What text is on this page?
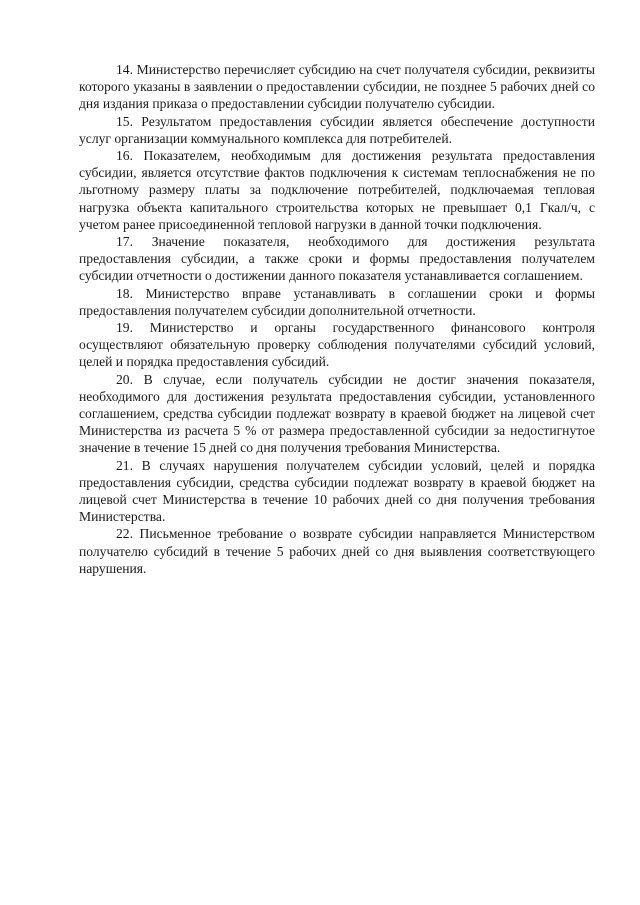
14. Министерство перечисляет субсидию на счет получателя субсидии, реквизиты которого указаны в заявлении о предоставлении субсидии, не позднее 5 рабочих дней со дня издания приказа о предоставлении субсидии получателю субсидии.

15. Результатом предоставления субсидии является обеспечение доступности услуг организации коммунального комплекса для потребителей.

16. Показателем, необходимым для достижения результата предоставления субсидии, является отсутствие фактов подключения к системам теплоснабжения не по льготному размеру платы за подключение потребителей, подключаемая тепловая нагрузка объекта капитального строительства которых не превышает 0,1 Гкал/ч, с учетом ранее присоединенной тепловой нагрузки в данной точки подключения.

17. Значение показателя, необходимого для достижения результата предоставления субсидии, а также сроки и формы предоставления получателем субсидии отчетности о достижении данного показателя устанавливается соглашением.

18. Министерство вправе устанавливать в соглашении сроки и формы предоставления получателем субсидии дополнительной отчетности.

19. Министерство и органы государственного финансового контроля осуществляют обязательную проверку соблюдения получателями субсидий условий, целей и порядка предоставления субсидий.

20. В случае, если получатель субсидии не достиг значения показателя, необходимого для достижения результата предоставления субсидии, установленного соглашением, средства субсидии подлежат возврату в краевой бюджет на лицевой счет Министерства из расчета 5 % от размера предоставленной субсидии за недостигнутое значение в течение 15 дней со дня получения требования Министерства.

21. В случаях нарушения получателем субсидии условий, целей и порядка предоставления субсидии, средства субсидии подлежат возврату в краевой бюджет на лицевой счет Министерства в течение 10 рабочих дней со дня получения требования Министерства.

22. Письменное требование о возврате субсидии направляется Министерством получателю субсидий в течение 5 рабочих дней со дня выявления соответствующего нарушения.
